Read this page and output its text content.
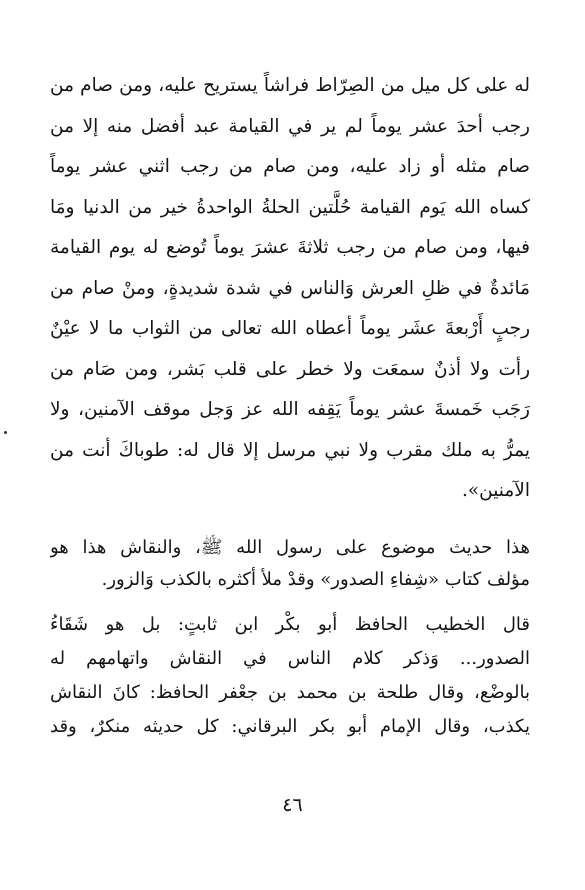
له على كل ميل من الصِرّاط فراشاً يستريح عليه، ومن صام من
رجب أحدَ عشر يوماً لم ير في القيامة عبد أفضل منه إلا من
صام مثله أو زاد عليه، ومن صام من رجب اثني عشر يوماً
كساه الله يَوم القيامة حُلَّتين الحلةُ الواحدةُ خير من الدنيا ومَا
فيها، ومن صام من رجب ثلاثةَ عشرَ يوماً تُوضع له يوم القيامة
مَائدةٌ في ظلِ العرش وَالناس في شدة شديدةٍ، ومنْ صام من
رجبٍ أَرْبعةَ عشَر يوماً أعطاه الله تعالى من الثواب ما لا عيْنٌ
رأت ولا أذنٌ سمعَت ولا خطر على قلب بَشر، ومن صَام من
رَجَب خَمسةَ عشر يوماً يَقِفه الله عز وَجل موقف الآمنين، ولا
يمرُّ به ملك مقرب ولا نبي مرسل إلا قال له: طوباكَ أنت من
الآمنين».
هذا حديث موضوع على رسول الله ﷺ، والنقاش هذا هو
مؤلف كتاب «شِفاءِ الصدور» وقدْ ملأ أكثره بالكذب وَالزور.
قال الخطيب الحافظ أبو بكْر ابن ثابتٍ: بل هو شَقَاءُ
الصدور... وَذكر كلام الناس في النقاش واتهامهم له
بالوضْع، وقال طلحة بن محمد بن جعْفر الحافظ: كانَ النقاش
يكذب، وقال الإمام أبو بكر البرقاني: كل حديثه منكرٌ، وقد
٤٦
